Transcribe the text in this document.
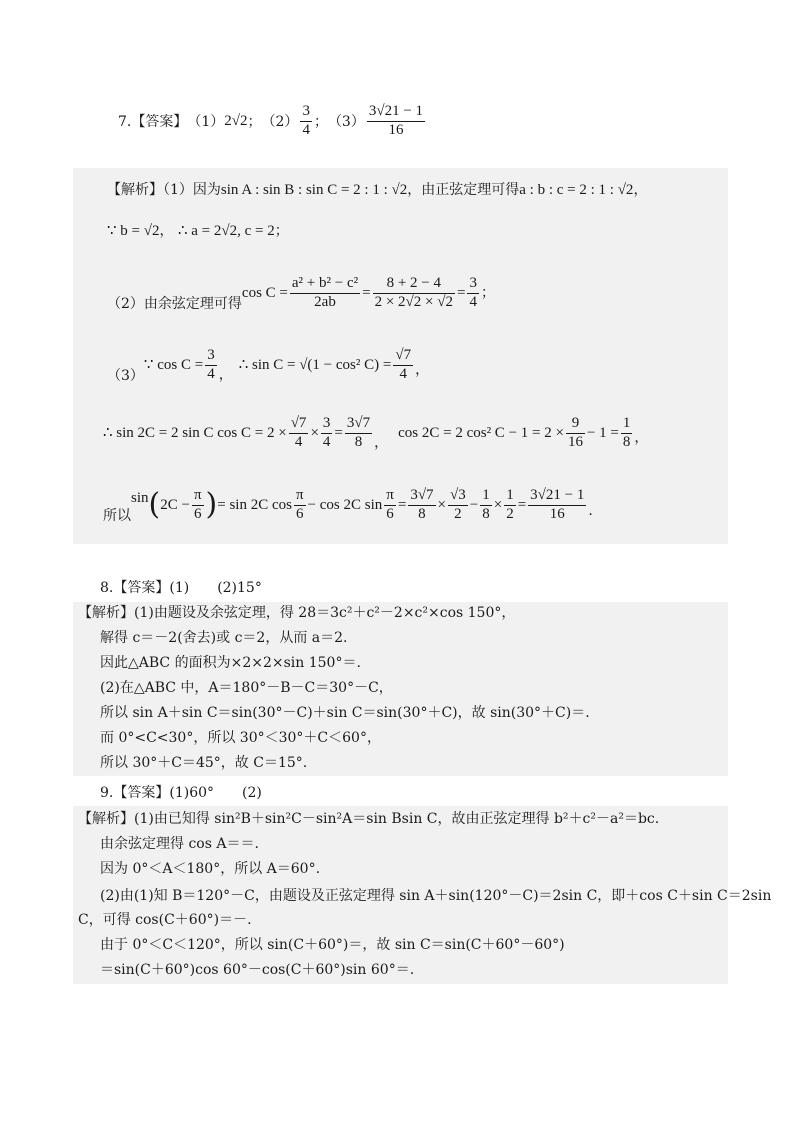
7.【答案】 （1） 2√2 ； $(2) \frac{3}{4}$ ； $(3) \frac{3√21 - 1}{16}$
【解析】（1）因为sin A : sin B : sin C = 2 : 1 : √2，由正弦定理可得a : b : c = 2 : 1 : √2，
∵ b = √2， ∴ a = 2√2, c = 2；
（2）由余弦定理可得
$\cos C = \frac{\text{a² + b² − c²}}{2ab} = \frac{8 + 2 - 4}{2 \times 2√2 \times √2} = \frac{3}{4}$ ；
（3）
∵ $\cos C = \frac{3}{4}$ ，
∴ sin C = √(1 − cos² $C) = \frac{√7}{4}$ ，
∴ sin 2C = 2 sin C $\cos C = 2 \times \frac{√7}{4} \times \frac{3}{4} = \frac{3√7}{8}$ ，
cos 2C = 2 cos² $C - 1 = 2 \times \frac{9}{16} - 1 = \frac{1}{8}$ ，
所以
sin ( $2C - \frac{\pi}{6}$ ) = sin 2C $\cos \frac{\pi}{6} - \cos 2C$ $\sin \frac{\pi}{6} = \frac{3√7}{8} \times \frac{√3}{2} - \frac{1}{8} \times \frac{1}{2} = \frac{3√21 - 1}{16}$ .
8.【答案】(1)　　(2)15°
【解析】(1)由题设及余弦定理，得 28＝3c²＋c²－2×c²×cos 150°，
解得 c＝－2(舍去)或 c＝2，从而 a＝2.
因此△ABC 的面积为×2×2×sin 150°＝.
(2)在△ABC 中，A＝180°－B－C＝30°－C，
所以 sin A＋sin C＝sin(30°－C)＋sin C＝sin(30°＋C)，故 sin(30°＋C)＝.
而 0°<C<30°，所以 30°＜30°＋C＜60°，
所以 30°＋C＝45°，故 C＝15°.
9.【答案】(1)60°　　(2)
【解析】(1)由已知得 sin²B＋sin²C－sin²A＝sin Bsin C，故由正弦定理得 b²＋c²－a²＝bc.
由余弦定理得 cos A＝＝.
因为 0°＜A＜180°，所以 A＝60°.
(2)由(1)知 B＝120°－C，由题设及正弦定理得 sin A＋sin(120°－C)＝2sin C，即＋cos C＋sin C＝2sin
C，可得 cos(C＋60°)＝－.
由于 0°＜C＜120°，所以 sin(C＋60°)＝，故 sin C＝sin(C＋60°－60°)
＝sin(C＋60°)cos 60°－cos(C＋60°)sin 60°＝.
